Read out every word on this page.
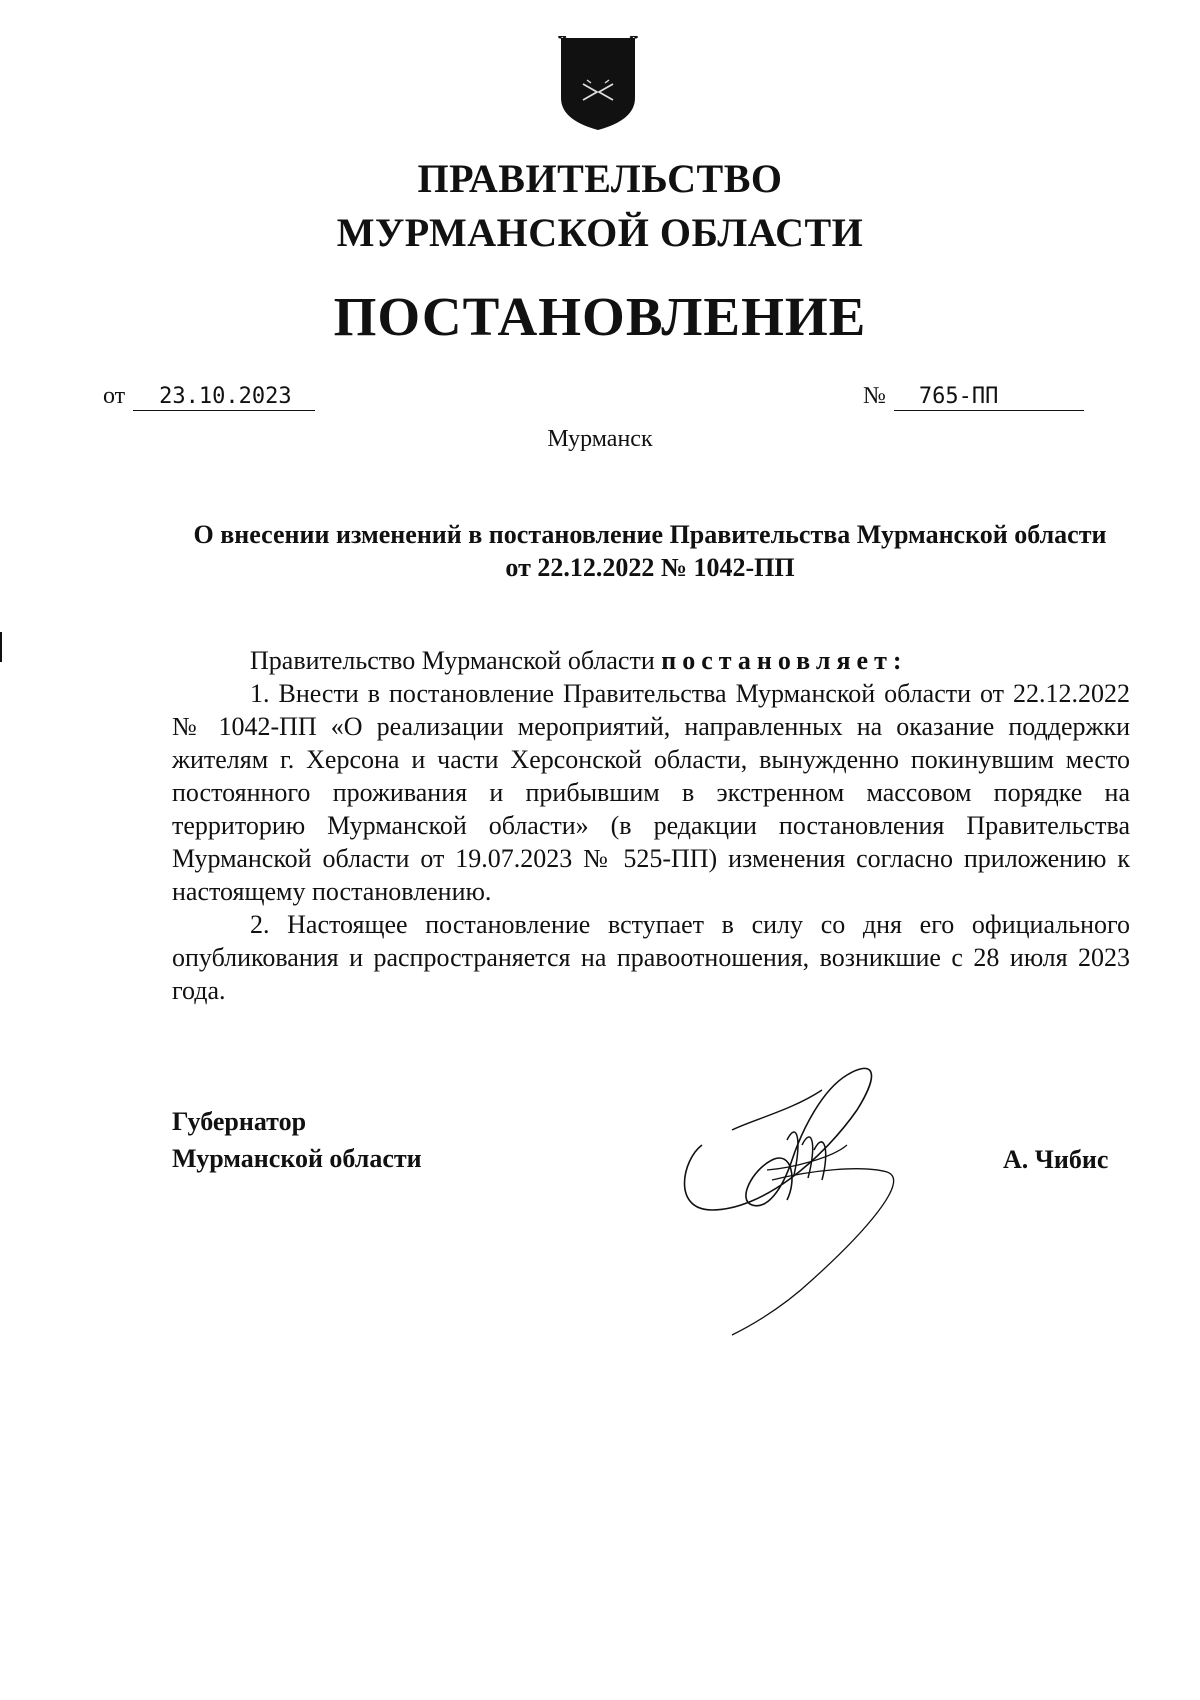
ПРАВИТЕЛЬСТВО
МУРМАНСКОЙ ОБЛАСТИ
ПОСТАНОВЛЕНИЕ
от 23.10.2023	№ 765-ПП
Мурманск

О внесении изменений в постановление Правительства Мурманской области от 22.12.2022 № 1042-ПП

Правительство Мурманской области постановляет:

1. Внести в постановление Правительства Мурманской области от 22.12.2022 № 1042-ПП «О реализации мероприятий, направленных на оказание поддержки жителям г. Херсона и части Херсонской области, вынужденно покинувшим место постоянного проживания и прибывшим в экстренном массовом порядке на территорию Мурманской области» (в редакции постановления Правительства Мурманской области от 19.07.2023 № 525-ПП) изменения согласно приложению к настоящему постановлению.

2. Настоящее постановление вступает в силу со дня его официального опубликования и распространяется на правоотношения, возникшие с 28 июля 2023 года.

Губернатор
Мурманской области	А. Чибис
